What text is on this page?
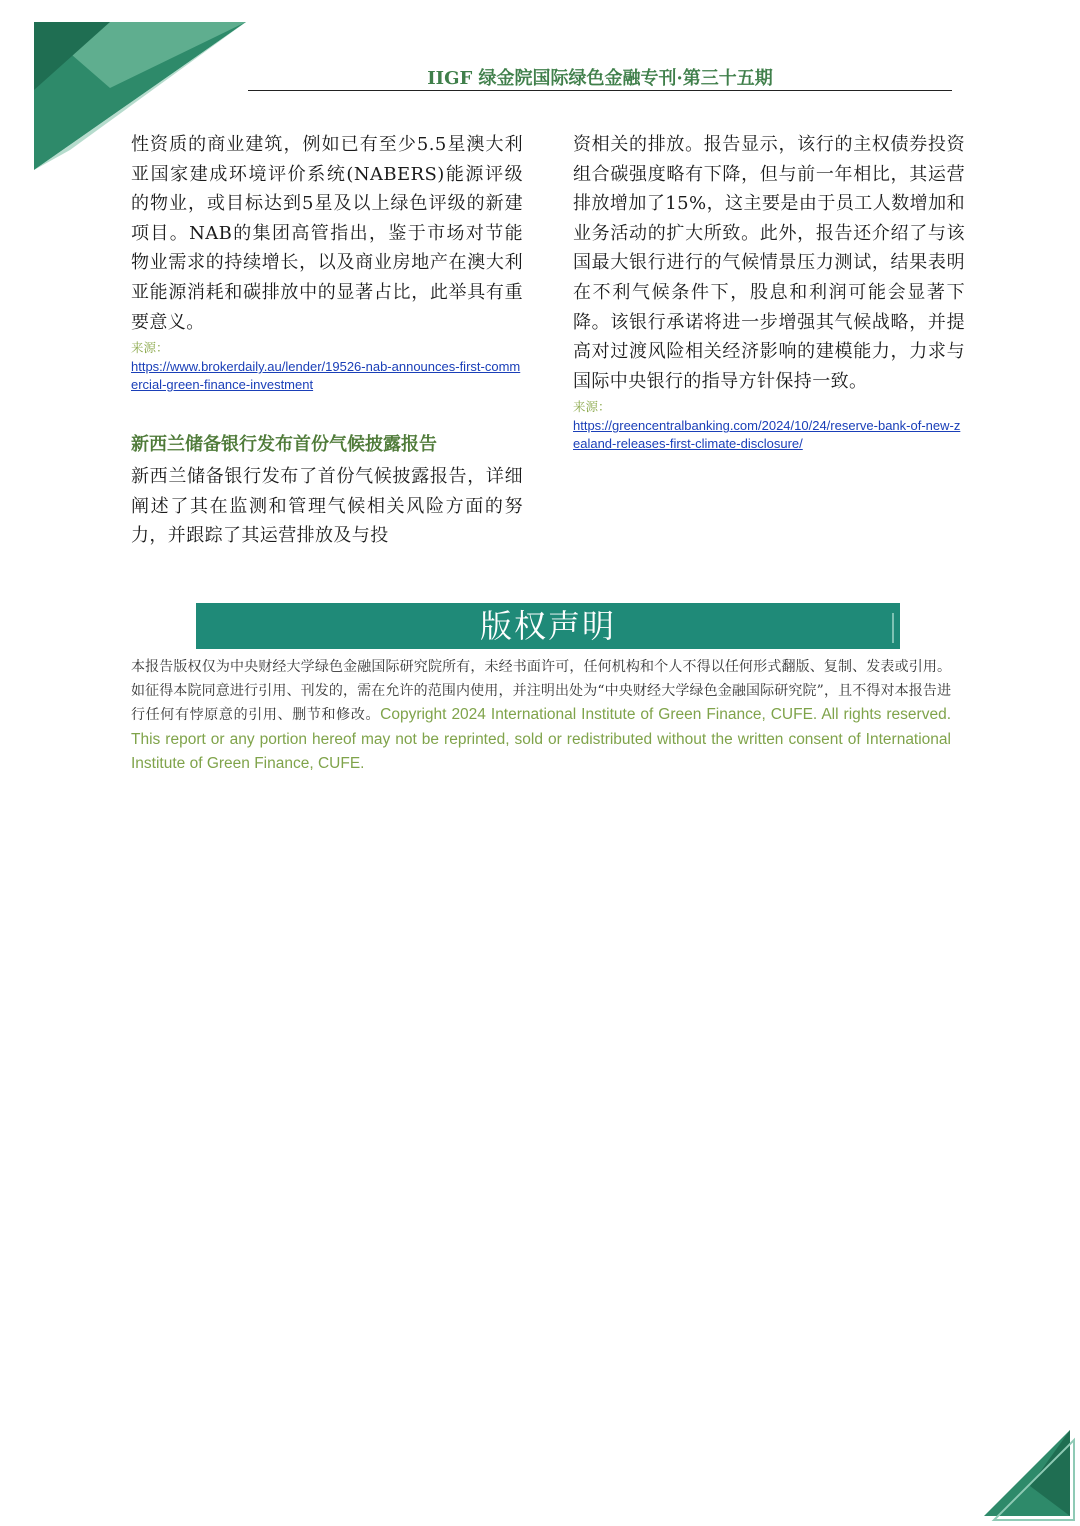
IIGF 绿金院国际绿色金融专刊·第三十五期

性资质的商业建筑，例如已有至少5.5星澳大利亚国家建成环境评价系统(NABERS)能源评级的物业，或目标达到5星及以上绿色评级的新建项目。NAB的集团高管指出，鉴于市场对节能物业需求的持续增长，以及商业房地产在澳大利亚能源消耗和碳排放中的显著占比，此举具有重要意义。

来源：
https://www.brokerdaily.au/lender/19526-nab-announces-first-commercial-green-finance-investment
新西兰储备银行发布首份气候披露报告

新西兰储备银行发布了首份气候披露报告，详细阐述了其在监测和管理气候相关风险方面的努力，并跟踪了其运营排放及与投

资相关的排放。报告显示，该行的主权债券投资组合碳强度略有下降，但与前一年相比，其运营排放增加了15%，这主要是由于员工人数增加和业务活动的扩大所致。此外，报告还介绍了与该国最大银行进行的气候情景压力测试，结果表明在不利气候条件下，股息和利润可能会显著下降。该银行承诺将进一步增强其气候战略，并提高对过渡风险相关经济影响的建模能力，力求与国际中央银行的指导方针保持一致。

来源：
https://greencentralbanking.com/2024/10/24/reserve-bank-of-new-zealand-releases-first-climate-disclosure/
版权声明
本报告版权仅为中央财经大学绿色金融国际研究院所有，未经书面许可，任何机构和个人不得以任何形式翻版、复制、发表或引用。如征得本院同意进行引用、刊发的，需在允许的范围内使用，并注明出处为“中央财经大学绿色金融国际研究院”，且不得对本报告进行任何有悖原意的引用、删节和修改。Copyright 2024 International Institute of Green Finance, CUFE. All rights reserved. This report or any portion hereof may not be reprinted, sold or redistributed without the written consent of International Institute of Green Finance, CUFE.
